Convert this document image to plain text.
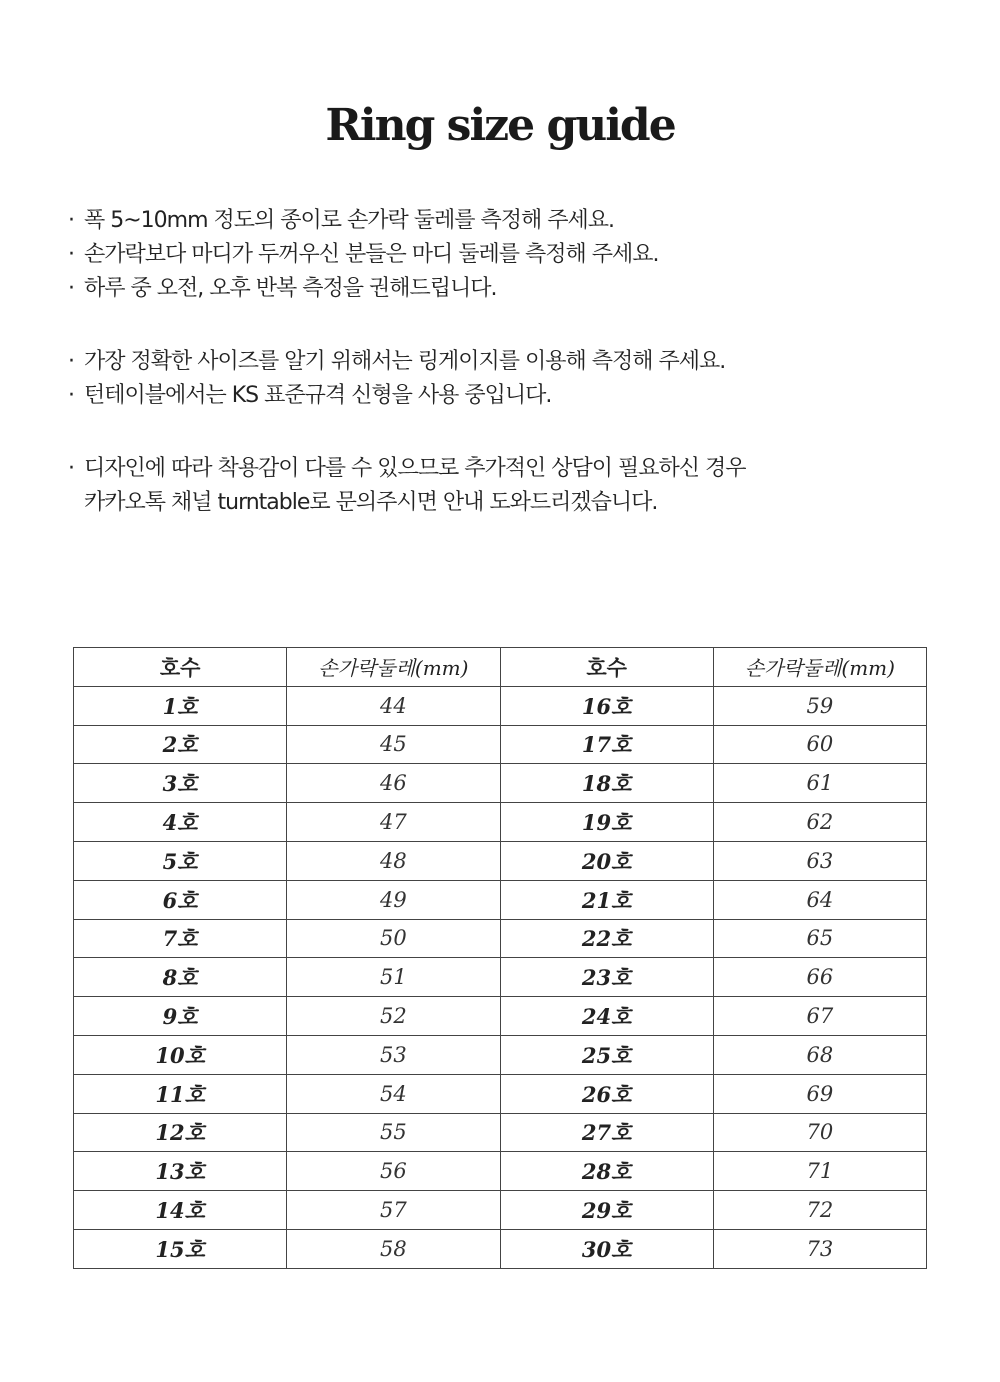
Ring size guide
· 폭 5~10mm 정도의 종이로 손가락 둘레를 측정해 주세요.
· 손가락보다 마디가 두꺼우신 분들은 마디 둘레를 측정해 주세요.
· 하루 중 오전, 오후 반복 측정을 권해드립니다.
· 가장 정확한 사이즈를 알기 위해서는 링게이지를 이용해 측정해 주세요.
· 턴테이블에서는 KS 표준규격 신형을 사용 중입니다.
· 디자인에 따라 착용감이 다를 수 있으므로 추가적인 상담이 필요하신 경우
카카오톡 채널 turntable로 문의주시면 안내 도와드리겠습니다.
호수	손가락둘레(mm)	호수	손가락둘레(mm)
1호	44	16호	59
2호	45	17호	60
3호	46	18호	61
4호	47	19호	62
5호	48	20호	63
6호	49	21호	64
7호	50	22호	65
8호	51	23호	66
9호	52	24호	67
10호	53	25호	68
11호	54	26호	69
12호	55	27호	70
13호	56	28호	71
14호	57	29호	72
15호	58	30호	73
